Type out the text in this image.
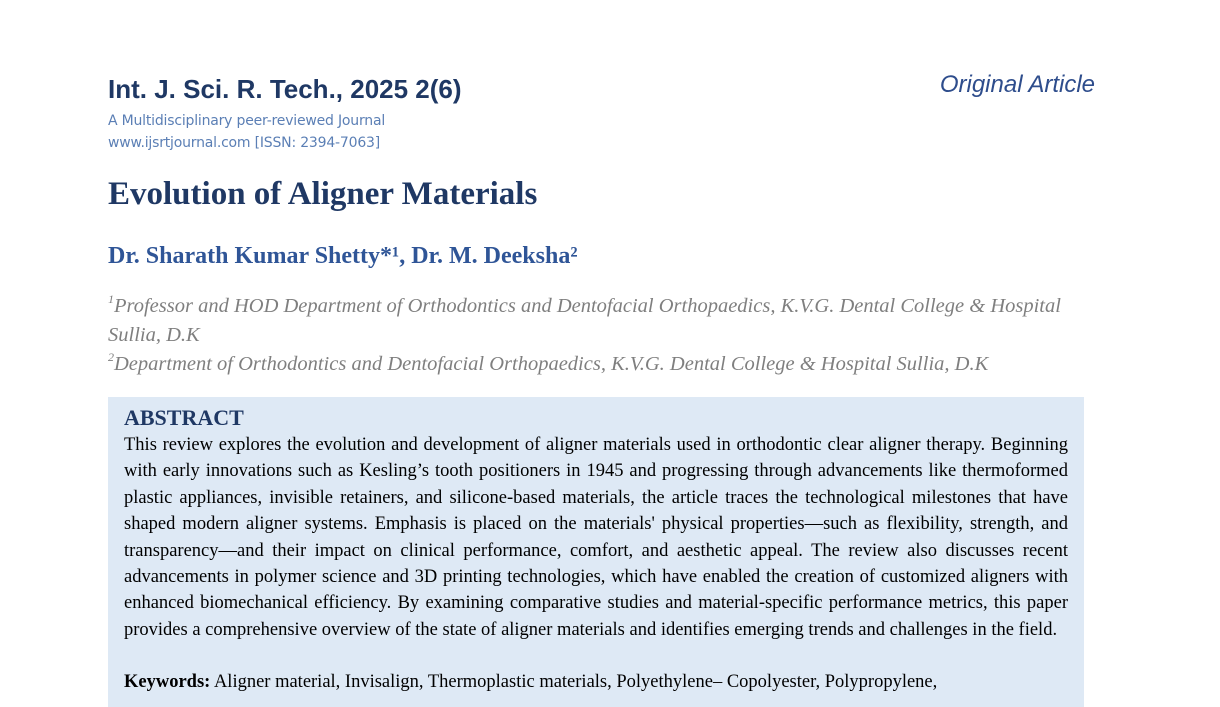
Int. J. Sci. R. Tech., 2025 2(6)	Original Article
A Multidisciplinary peer-reviewed Journal
www.ijsrtjournal.com [ISSN: 2394-7063]
Evolution of Aligner Materials
Dr. Sharath Kumar Shetty*¹, Dr. M. Deeksha²
$^1$Professor and HOD Department of Orthodontics and Dentofacial Orthopaedics, K.V.G. Dental College & Hospital Sullia, D.K
$^2$Department of Orthodontics and Dentofacial Orthopaedics, K.V.G. Dental College & Hospital Sullia, D.K
ABSTRACT
This review explores the evolution and development of aligner materials used in orthodontic clear aligner therapy. Beginning with early innovations such as Kesling’s tooth positioners in 1945 and progressing through advancements like thermoformed plastic appliances, invisible retainers, and silicone-based materials, the article traces the technological milestones that have shaped modern aligner systems. Emphasis is placed on the materials' physical properties—such as flexibility, strength, and transparency—and their impact on clinical performance, comfort, and aesthetic appeal. The review also discusses recent advancements in polymer science and 3D printing technologies, which have enabled the creation of customized aligners with enhanced biomechanical efficiency. By examining comparative studies and material-specific performance metrics, this paper provides a comprehensive overview of the state of aligner materials and identifies emerging trends and challenges in the field.
Keywords: Aligner material, Invisalign, Thermoplastic materials, Polyethylene– Copolyester, Polypropylene,
